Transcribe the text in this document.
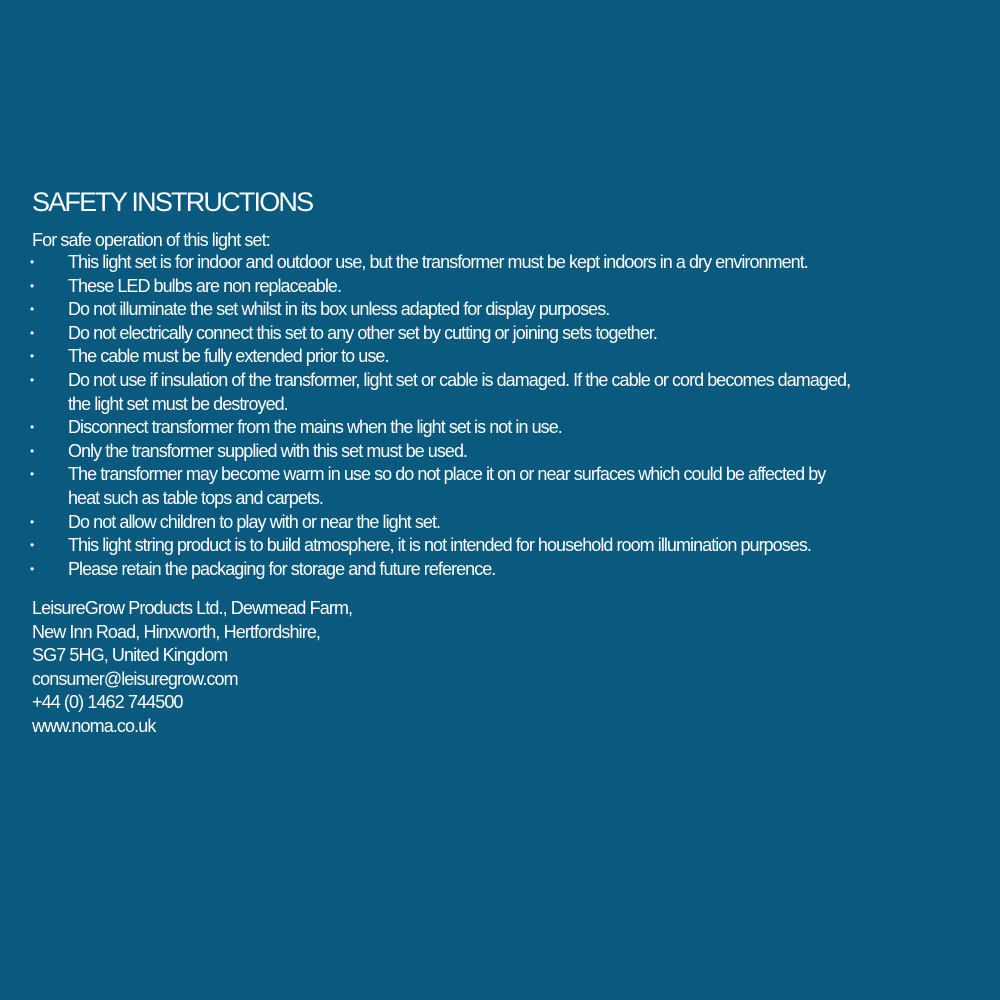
SAFETY INSTRUCTIONS
For safe operation of this light set:
• This light set is for indoor and outdoor use, but the transformer must be kept indoors in a dry environment.
• These LED bulbs are non replaceable.
• Do not illuminate the set whilst in its box unless adapted for display purposes.
• Do not electrically connect this set to any other set by cutting or joining sets together.
• The cable must be fully extended prior to use.
• Do not use if insulation of the transformer, light set or cable is damaged. If the cable or cord becomes damaged,
the light set must be destroyed.
• Disconnect transformer from the mains when the light set is not in use.
• Only the transformer supplied with this set must be used.
• The transformer may become warm in use so do not place it on or near surfaces which could be affected by
heat such as table tops and carpets.
• Do not allow children to play with or near the light set.
• This light string product is to build atmosphere, it is not intended for household room illumination purposes.
• Please retain the packaging for storage and future reference.
LeisureGrow Products Ltd., Dewmead Farm,
New Inn Road, Hinxworth, Hertfordshire,
SG7 5HG, United Kingdom
consumer@leisuregrow.com
+44 (0) 1462 744500
www.noma.co.uk
